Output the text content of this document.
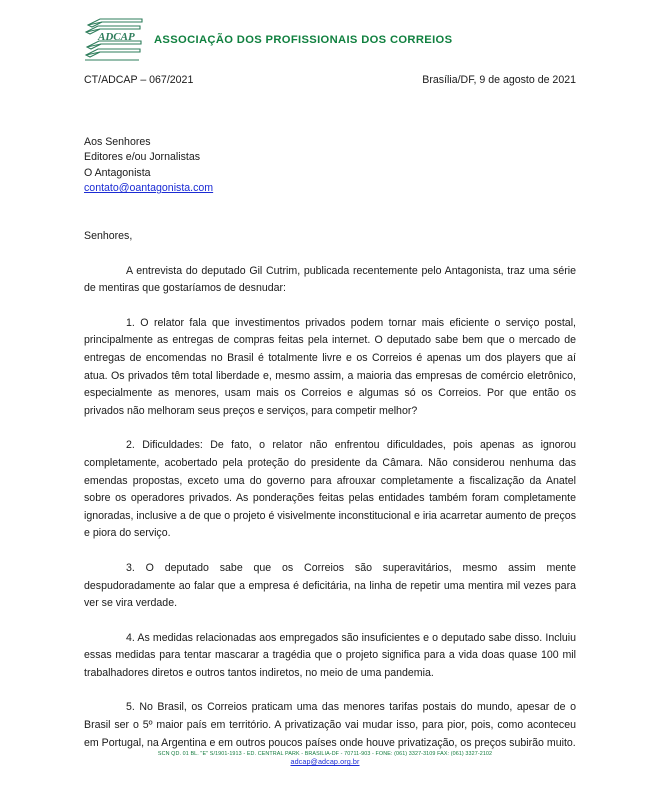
ADCAP ASSOCIAÇÃO DOS PROFISSIONAIS DOS CORREIOS
CT/ADCAP – 067/2021	Brasília/DF, 9 de agosto de 2021
Aos Senhores
Editores e/ou Jornalistas
O Antagonista
contato@oantagonista.com

Senhores,

A entrevista do deputado Gil Cutrim, publicada recentemente pelo Antagonista, traz uma série de mentiras que gostaríamos de desnudar:

1. O relator fala que investimentos privados podem tornar mais eficiente o serviço postal, principalmente as entregas de compras feitas pela internet. O deputado sabe bem que o mercado de entregas de encomendas no Brasil é totalmente livre e os Correios é apenas um dos players que aí atua. Os privados têm total liberdade e, mesmo assim, a maioria das empresas de comércio eletrônico, especialmente as menores, usam mais os Correios e algumas só os Correios. Por que então os privados não melhoram seus preços e serviços, para competir melhor?

2. Dificuldades: De fato, o relator não enfrentou dificuldades, pois apenas as ignorou completamente, acobertado pela proteção do presidente da Câmara. Não considerou nenhuma das emendas propostas, exceto uma do governo para afrouxar completamente a fiscalização da Anatel sobre os operadores privados. As ponderações feitas pelas entidades também foram completamente ignoradas, inclusive a de que o projeto é visivelmente inconstitucional e iria acarretar aumento de preços e piora do serviço.

3. O deputado sabe que os Correios são superavitários, mesmo assim mente despudoradamente ao falar que a empresa é deficitária, na linha de repetir uma mentira mil vezes para ver se vira verdade.

4. As medidas relacionadas aos empregados são insuficientes e o deputado sabe disso. Incluiu essas medidas para tentar mascarar a tragédia que o projeto significa para a vida doas quase 100 mil trabalhadores diretos e outros tantos indiretos, no meio de uma pandemia.

5. No Brasil, os Correios praticam uma das menores tarifas postais do mundo, apesar de o Brasil ser o 5º maior país em território. A privatização vai mudar isso, para pior, pois, como aconteceu em Portugal, na Argentina e em outros poucos países onde houve privatização, os preços subirão muito.

SCN QD. 01 BL. "E" S/1901-1913 - ED. CENTRAL PARK - BRASILIA-DF - 70711-903 - FONE: (061) 3327-3109 FAX: (061) 3327-2102
adcap@adcap.org.br
